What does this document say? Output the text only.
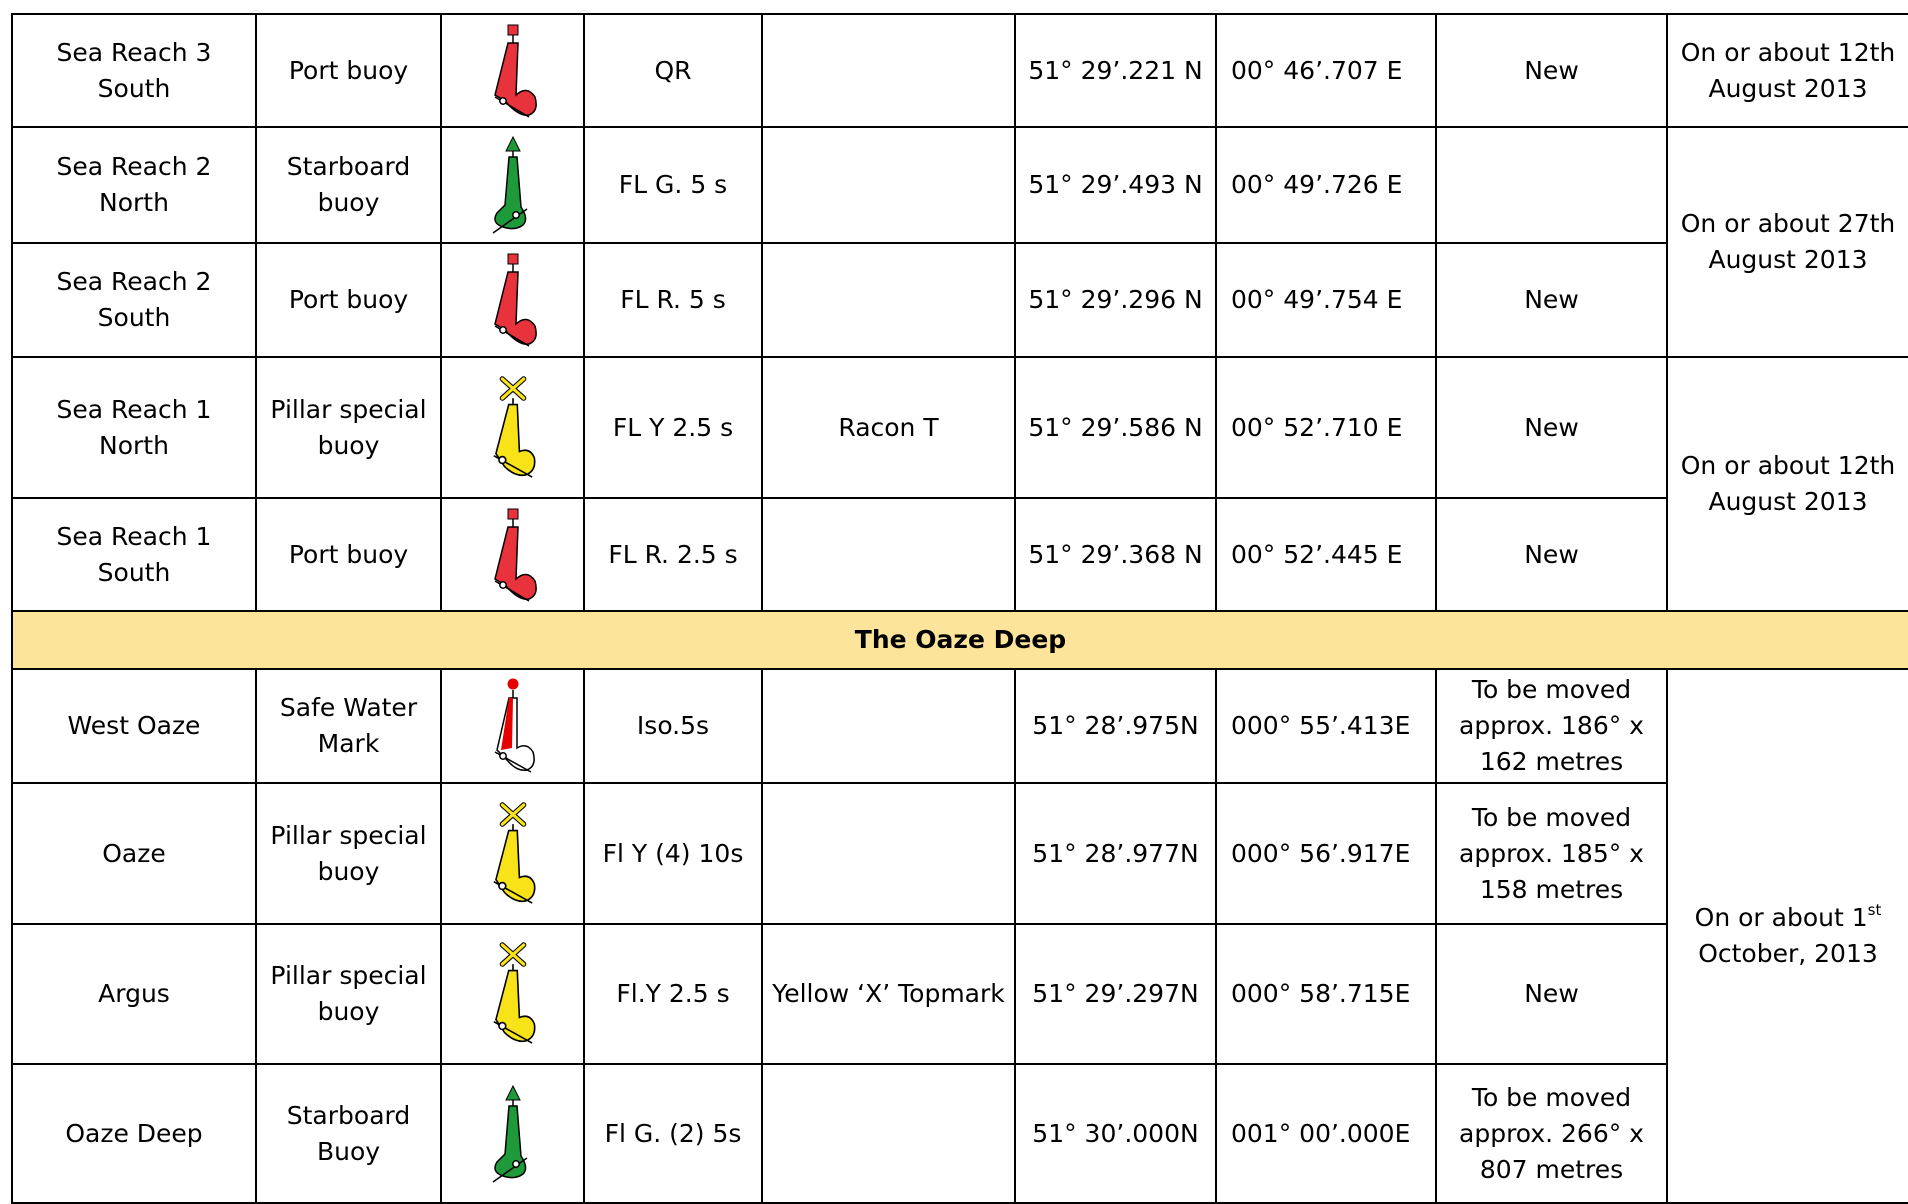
Sea Reach 3 South	Port buoy		QR		51° 29’.221 N	00° 46’.707 E	New	On or about 12th August 2013
Sea Reach 2 North	Starboard buoy		FL G. 5 s		51° 29’.493 N	00° 49’.726 E		On or about 27th August 2013
Sea Reach 2 South	Port buoy		FL R. 5 s		51° 29’.296 N	00° 49’.754 E	New	
Sea Reach 1 North	Pillar special buoy		FL Y 2.5 s	Racon T	51° 29’.586 N	00° 52’.710 E	New	On or about 12th August 2013
Sea Reach 1 South	Port buoy		FL R. 2.5 s		51° 29’.368 N	00° 52’.445 E	New	
The Oaze Deep								
West Oaze	Safe Water Mark		Iso.5s		51° 28’.975N	000° 55’.413E	To be moved approx. 186° x 162 metres	On or about 1st
October, 2013
Oaze	Pillar special buoy		Fl Y (4) 10s		51° 28’.977N	000° 56’.917E	To be moved approx. 185° x 158 metres	
Argus	Pillar special buoy		Fl.Y 2.5 s	Yellow ‘X’ Topmark	51° 29’.297N	000° 58’.715E	New	
Oaze Deep	Starboard Buoy		Fl G. (2) 5s		51° 30’.000N	001° 00’.000E	To be moved approx. 266° x 807 metres	
